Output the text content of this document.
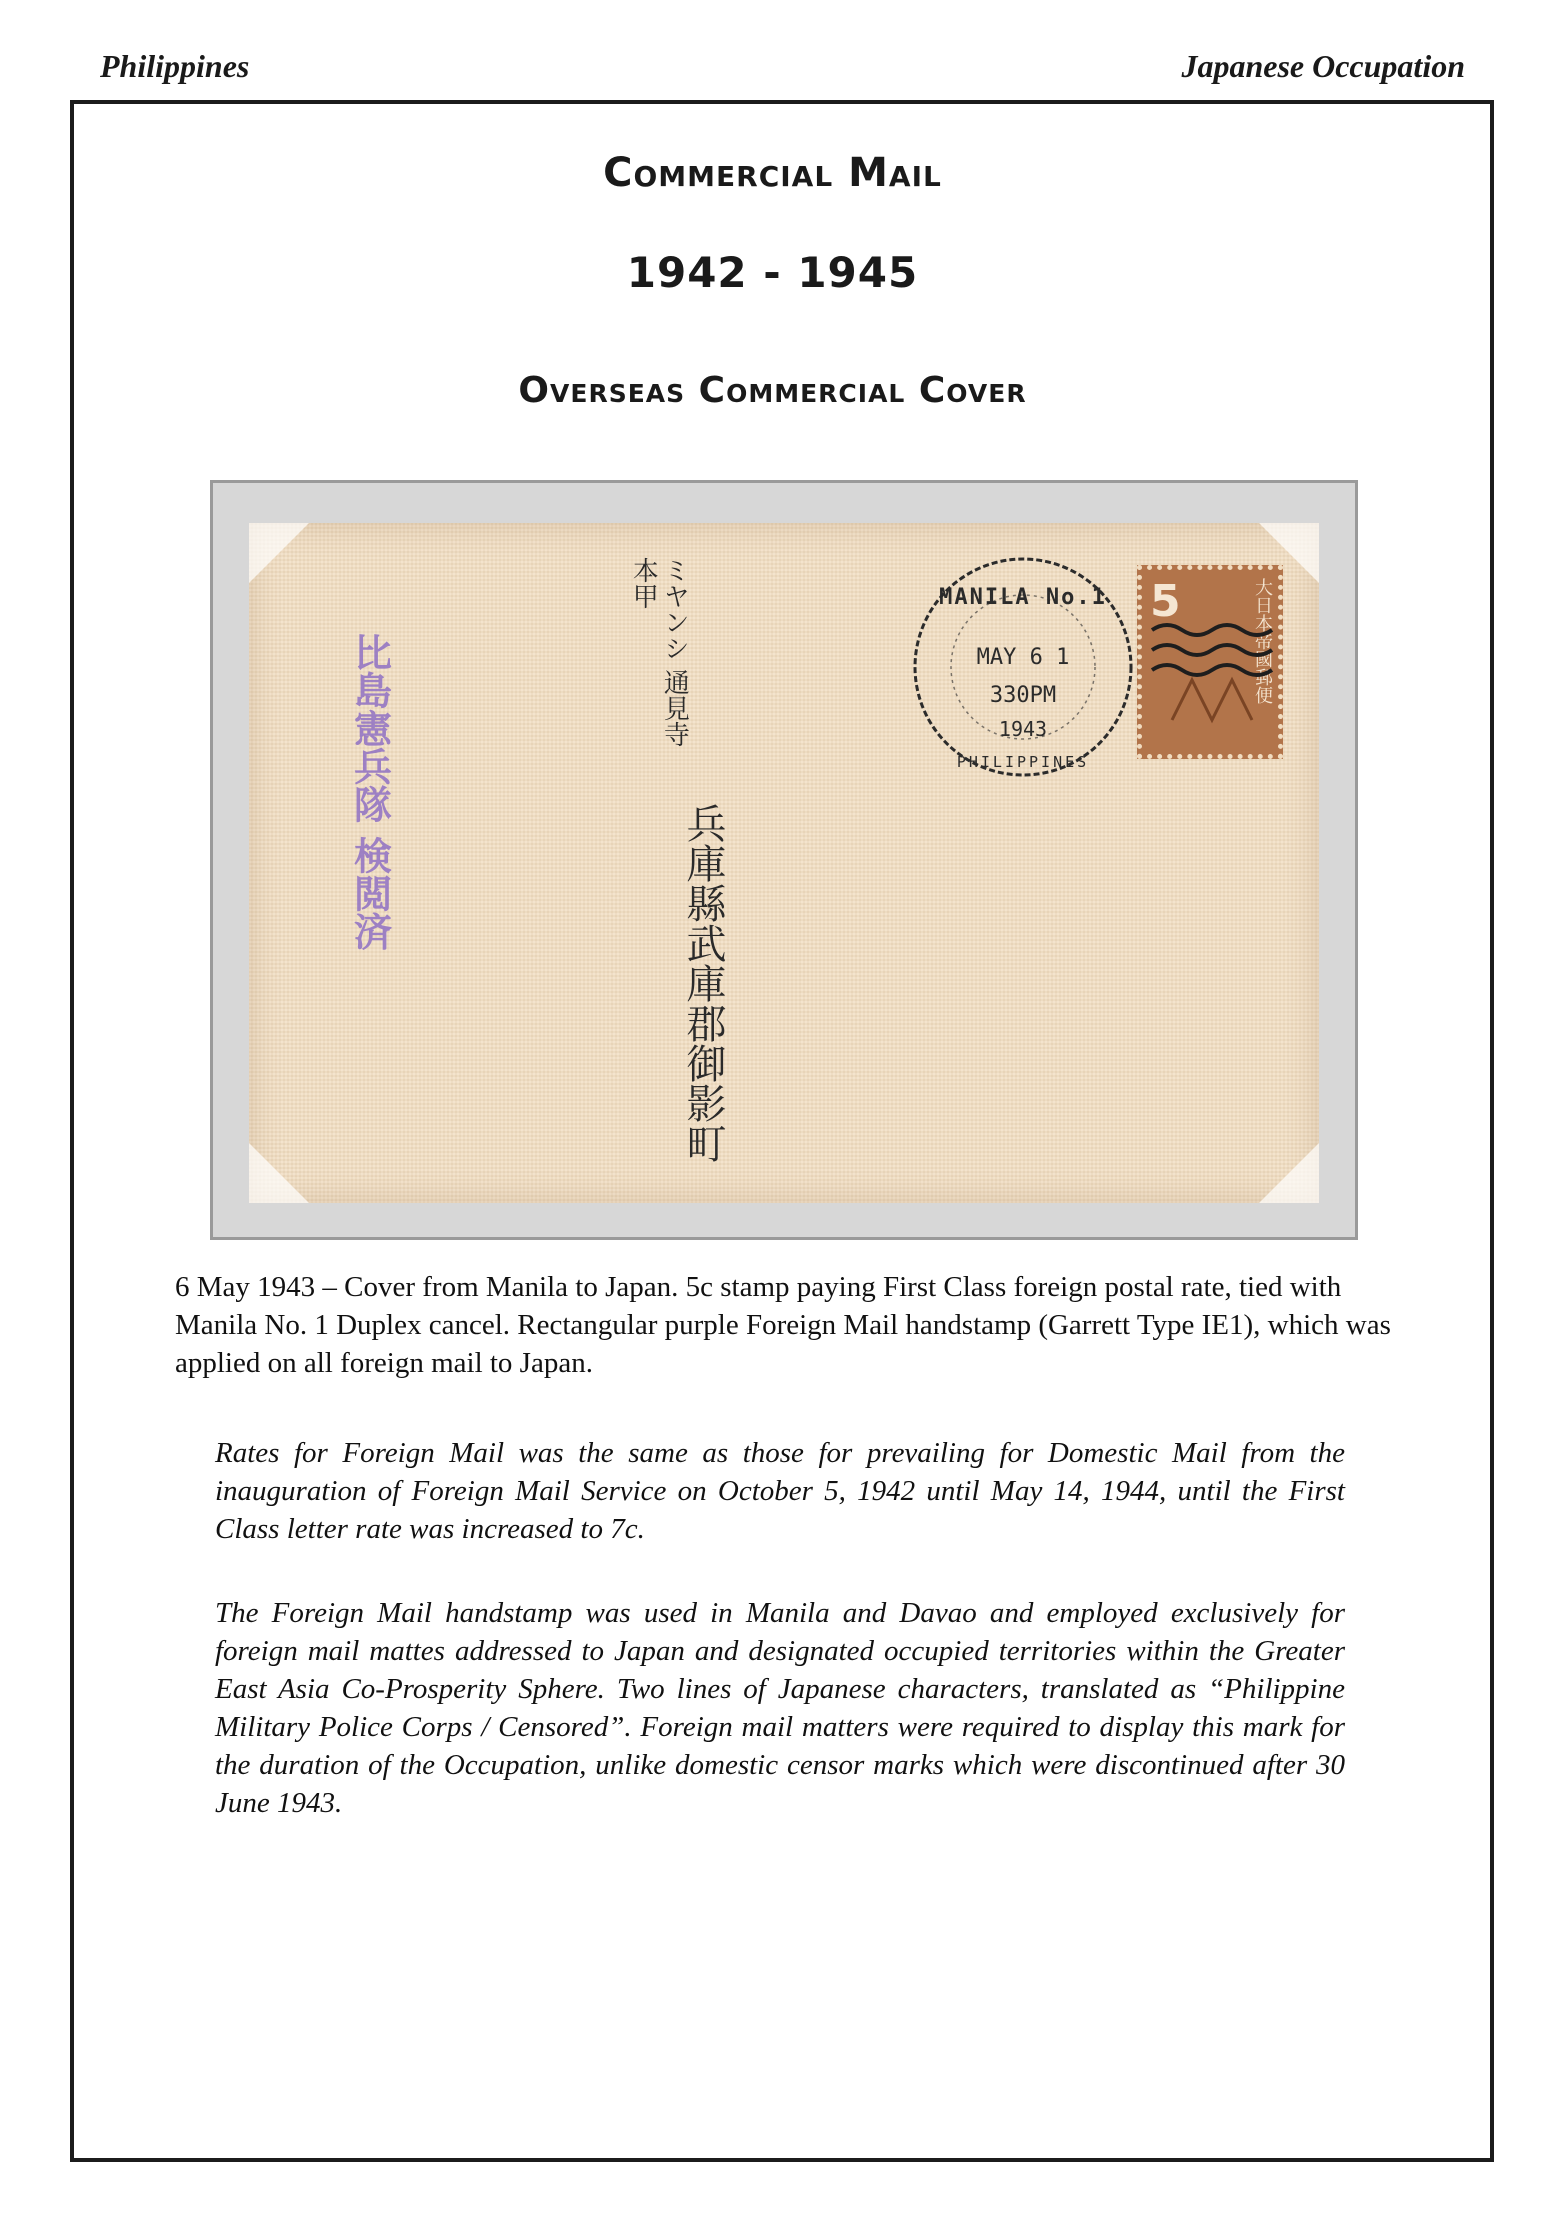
Philippines	Japanese Occupation
Commercial Mail
1942 - 1945
Overseas Commercial Cover
比島憲兵隊 検閲済	ミヤンシ 通見寺 本甲
兵庫縣武庫郡御影町
MANILA No.1
MAY 6 1
330PM
1943
PHILIPPINES
5	大日本帝國郵便
6 May 1943 – Cover from Manila to Japan. 5c stamp paying First Class foreign postal rate, tied with Manila No. 1 Duplex cancel. Rectangular purple Foreign Mail handstamp (Garrett Type IE1), which was applied on all foreign mail to Japan.
Rates for Foreign Mail was the same as those for prevailing for Domestic Mail from the inauguration of Foreign Mail Service on October 5, 1942 until May 14, 1944, until the First Class letter rate was increased to 7c.
The Foreign Mail handstamp was used in Manila and Davao and employed exclusively for foreign mail mattes addressed to Japan and designated occupied territories within the Greater East Asia Co-Prosperity Sphere. Two lines of Japanese characters, translated as “Philippine Military Police Corps / Censored”. Foreign mail matters were required to display this mark for the duration of the Occupation, unlike domestic censor marks which were discontinued after 30 June 1943.
